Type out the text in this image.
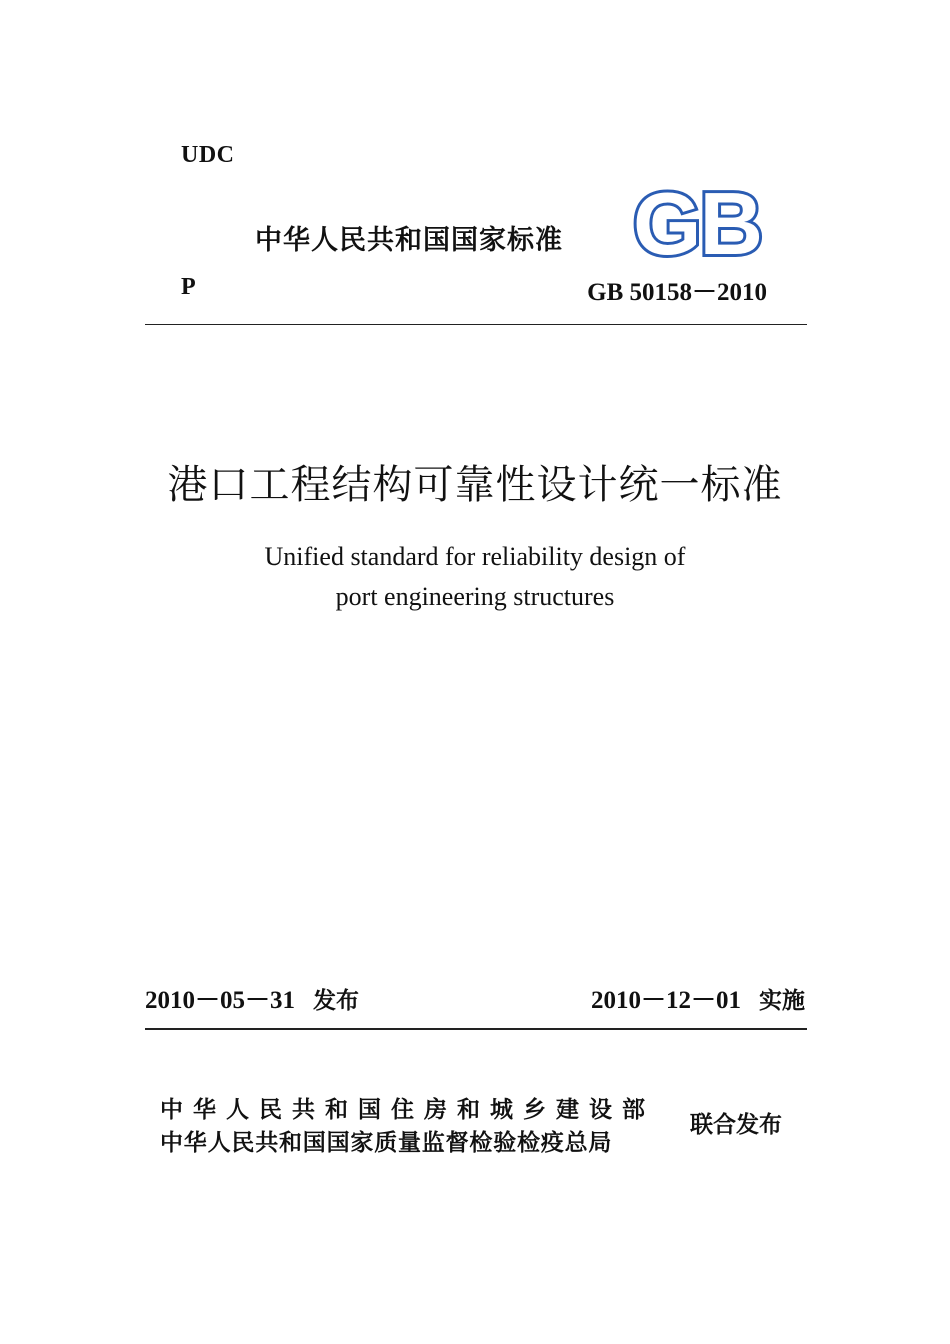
UDC
中华人民共和国国家标准 GB
P	GB 50158－2010
港口工程结构可靠性设计统一标准
Unified standard for reliability design of
port engineering structures
2010－05－31 发布	2010－12－01 实施
中华人民共和国住房和城乡建设部
中华人民共和国国家质量监督检验检疫总局
联合发布
